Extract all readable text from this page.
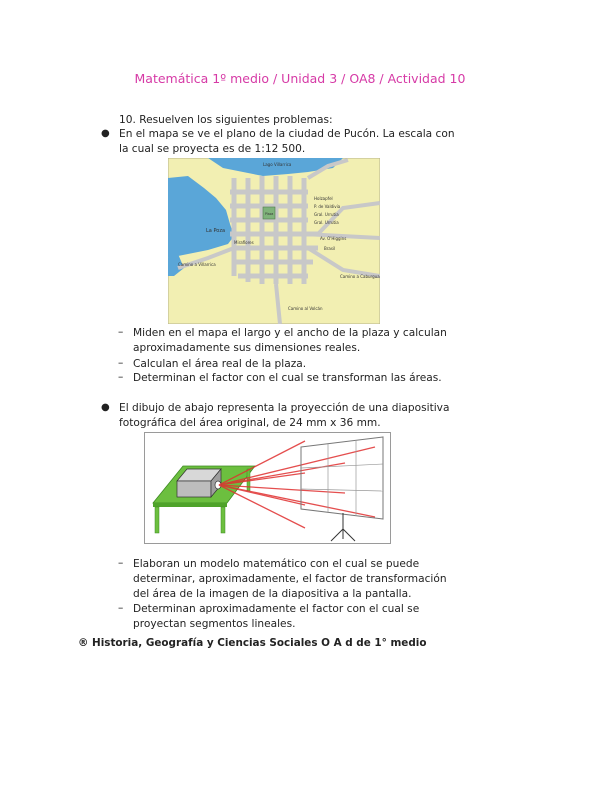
Matemática 1º medio / Unidad 3 / OA8 / Actividad 10
10. Resuelven los siguientes problemas:
● En el mapa se ve el plano de la ciudad de Pucón. La escala con
la cual se proyecta es de 1:12 500.
Lago Villarrica
La Poza
Plaza
Holzapfel
P. de Valdivia
Gral. Urrutia
Gral. Urrutia
Av. O'Higgins
Brasil
Camino a Villarrica
Camino a Caburgua
Camino al Volcán
Miraflores
– Miden en el mapa el largo y el ancho de la plaza y calculan
aproximadamente sus dimensiones reales.
– Calculan el área real de la plaza.
– Determinan el factor con el cual se transforman las áreas.
● El dibujo de abajo representa la proyección de una diapositiva
fotográfica del área original, de 24 mm x 36 mm.
– Elaboran un modelo matemático con el cual se puede
determinar, aproximadamente, el factor de transformación
del área de la imagen de la diapositiva a la pantalla.
– Determinan aproximadamente el factor con el cual se
proyectan segmentos lineales.
® Historia, Geografía y Ciencias Sociales O A d de 1° medio
